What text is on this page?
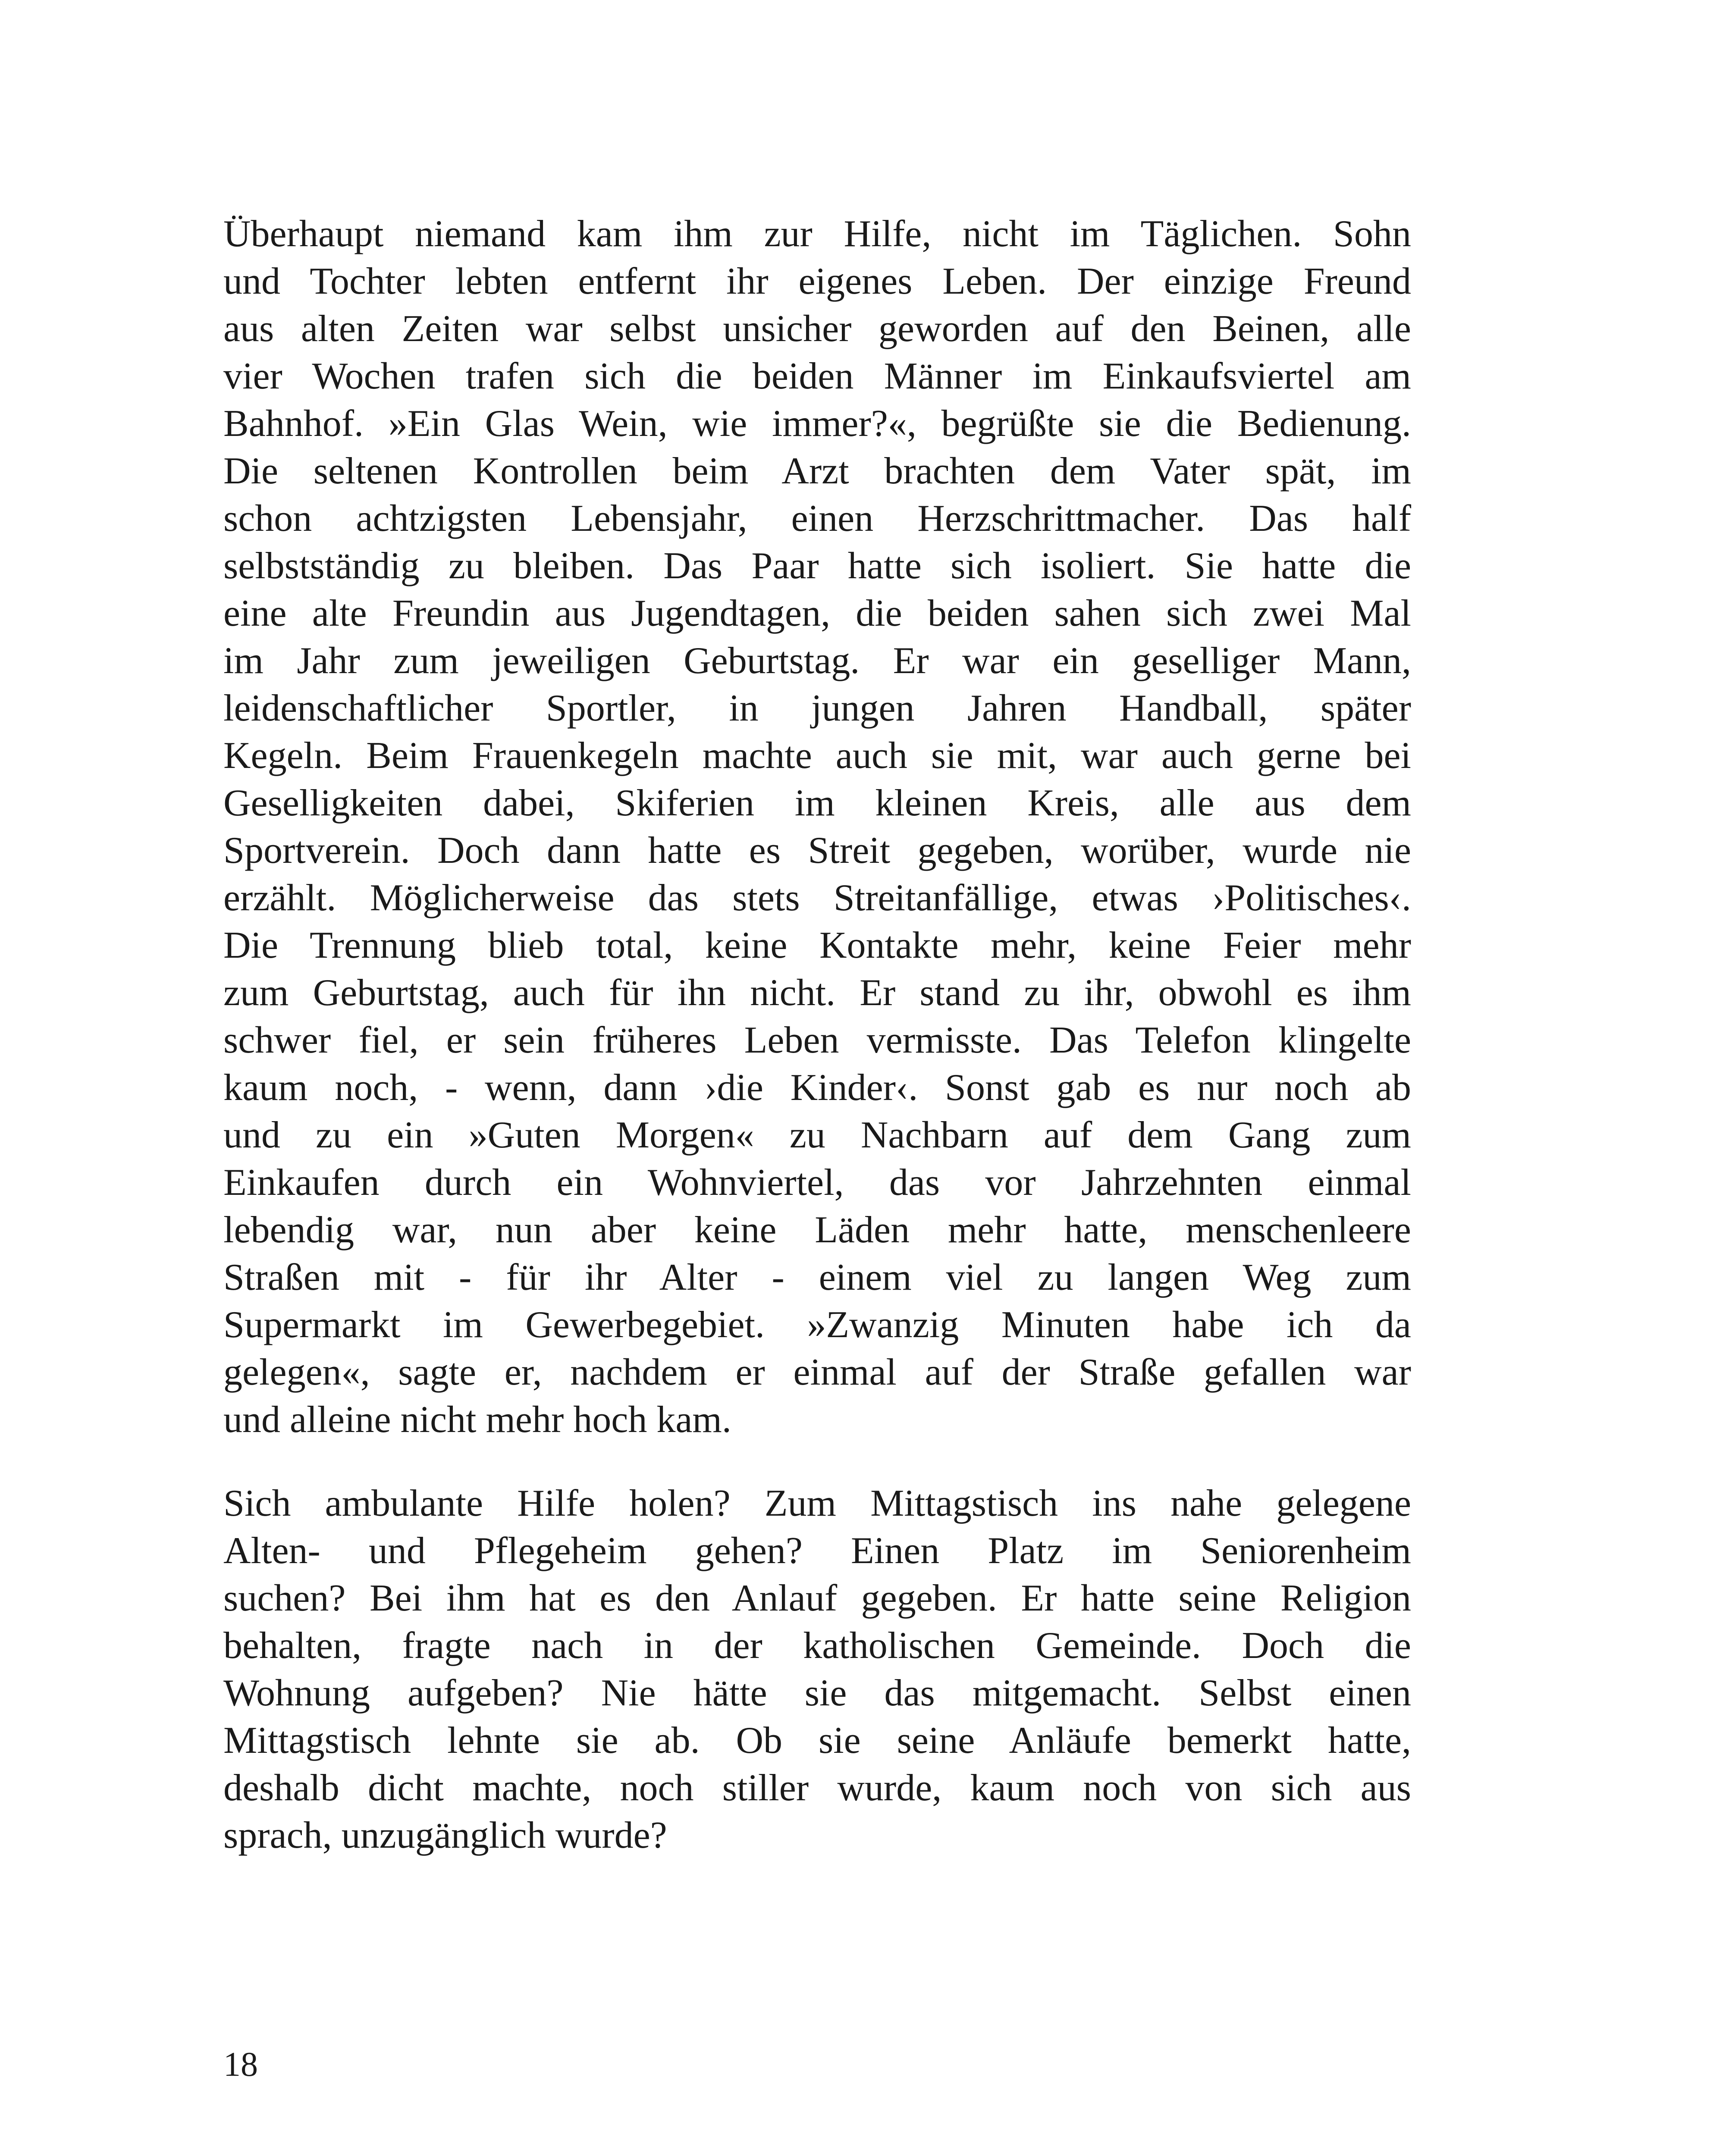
Überhaupt niemand kam ihm zur Hilfe, nicht im Täglichen. Sohn
und Tochter lebten entfernt ihr eigenes Leben. Der einzige Freund
aus alten Zeiten war selbst unsicher geworden auf den Beinen, alle
vier Wochen trafen sich die beiden Männer im Einkaufsviertel am
Bahnhof. »Ein Glas Wein, wie immer?«, begrüßte sie die Bedienung.
Die seltenen Kontrollen beim Arzt brachten dem Vater spät, im
schon achtzigsten Lebensjahr, einen Herzschrittmacher. Das half
selbstständig zu bleiben. Das Paar hatte sich isoliert. Sie hatte die
eine alte Freundin aus Jugendtagen, die beiden sahen sich zwei Mal
im Jahr zum jeweiligen Geburtstag. Er war ein geselliger Mann,
leidenschaftlicher Sportler, in jungen Jahren Handball, später
Kegeln. Beim Frauenkegeln machte auch sie mit, war auch gerne bei
Geselligkeiten dabei, Skiferien im kleinen Kreis, alle aus dem
Sportverein. Doch dann hatte es Streit gegeben, worüber, wurde nie
erzählt. Möglicherweise das stets Streitanfällige, etwas ›Politisches‹.
Die Trennung blieb total, keine Kontakte mehr, keine Feier mehr
zum Geburtstag, auch für ihn nicht. Er stand zu ihr, obwohl es ihm
schwer fiel, er sein früheres Leben vermisste. Das Telefon klingelte
kaum noch, - wenn, dann ›die Kinder‹. Sonst gab es nur noch ab
und zu ein »Guten Morgen« zu Nachbarn auf dem Gang zum
Einkaufen durch ein Wohnviertel, das vor Jahrzehnten einmal
lebendig war, nun aber keine Läden mehr hatte, menschenleere
Straßen mit - für ihr Alter - einem viel zu langen Weg zum
Supermarkt im Gewerbegebiet. »Zwanzig Minuten habe ich da
gelegen«, sagte er, nachdem er einmal auf der Straße gefallen war
und alleine nicht mehr hoch kam.
Sich ambulante Hilfe holen? Zum Mittagstisch ins nahe gelegene
Alten- und Pflegeheim gehen? Einen Platz im Seniorenheim
suchen? Bei ihm hat es den Anlauf gegeben. Er hatte seine Religion
behalten, fragte nach in der katholischen Gemeinde. Doch die
Wohnung aufgeben? Nie hätte sie das mitgemacht. Selbst einen
Mittagstisch lehnte sie ab. Ob sie seine Anläufe bemerkt hatte,
deshalb dicht machte, noch stiller wurde, kaum noch von sich aus
sprach, unzugänglich wurde?
18
